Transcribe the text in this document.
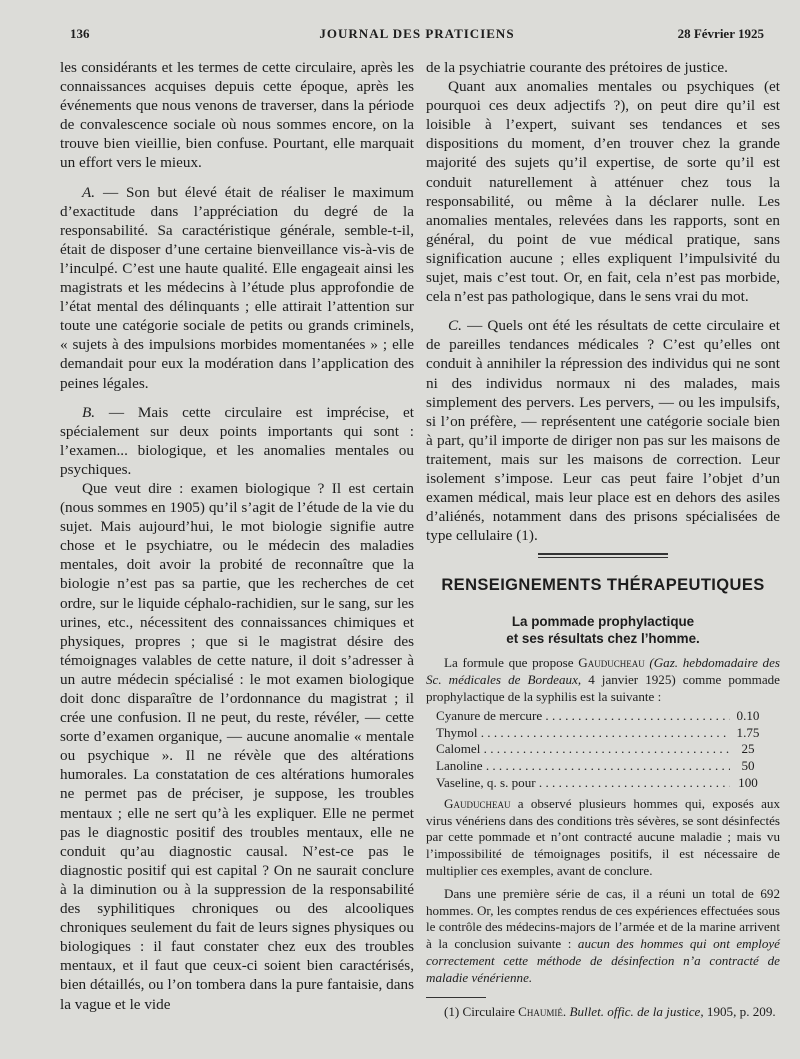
136	JOURNAL DES PRATICIENS	28 Février 1925

les considérants et les termes de cette circulaire, après les connaissances acquises depuis cette époque, après les événements que nous venons de traverser, dans la période de convalescence sociale où nous sommes encore, on la trouve bien vieillie, bien confuse. Pourtant, elle marquait un effort vers le mieux.

A. — Son but élevé était de réaliser le maximum d’exactitude dans l’appréciation du degré de la responsabilité. Sa caractéristique générale, semble-t-il, était de disposer d’une certaine bienveillance vis-à-vis de l’inculpé. C’est une haute qualité. Elle engageait ainsi les magistrats et les médecins à l’étude plus approfondie de l’état mental des délinquants ; elle attirait l’attention sur toute une catégorie sociale de petits ou grands criminels, « sujets à des impulsions morbides momentanées » ; elle demandait pour eux la modération dans l’application des peines légales.

B. — Mais cette circulaire est imprécise, et spécialement sur deux points importants qui sont : l’examen... biologique, et les anomalies mentales ou psychiques.

Que veut dire : examen biologique ? Il est certain (nous sommes en 1905) qu’il s’agit de l’étude de la vie du sujet. Mais aujourd’hui, le mot biologie signifie autre chose et le psychiatre, ou le médecin des maladies mentales, doit avoir la probité de reconnaître que la biologie n’est pas sa partie, que les recherches de cet ordre, sur le liquide céphalo-rachidien, sur le sang, sur les urines, etc., nécessitent des connaissances chimiques et physiques, propres ; que si le magistrat désire des témoignages valables de cette nature, il doit s’adresser à un autre médecin spécialisé : le mot examen biologique doit donc disparaître de l’ordonnance du magistrat ; il crée une confusion. Il ne peut, du reste, révéler, — cette sorte d’examen organique, — aucune anomalie « mentale ou psychique ». Il ne révèle que des altérations humorales. La constatation de ces altérations humorales ne permet pas de préciser, je suppose, les troubles mentaux ; elle ne sert qu’à les expliquer. Elle ne permet pas le diagnostic positif des troubles mentaux, elle ne conduit qu’au diagnostic causal. N’est-ce pas le diagnostic positif qui est capital ? On ne saurait conclure à la diminution ou à la suppression de la responsabilité des syphilitiques chroniques ou des alcooliques chroniques seulement du fait de leurs signes physiques ou biologiques : il faut constater chez eux des troubles mentaux, et il faut que ceux-ci soient bien caractérisés, bien détaillés, ou l’on tombera dans la pure fantaisie, dans la vague et le vide

de la psychiatrie courante des prétoires de justice.

Quant aux anomalies mentales ou psychiques (et pourquoi ces deux adjectifs ?), on peut dire qu’il est loisible à l’expert, suivant ses tendances et ses dispositions du moment, d’en trouver chez la grande majorité des sujets qu’il expertise, de sorte qu’il est conduit naturellement à atténuer chez tous la responsabilité, ou même à la déclarer nulle. Les anomalies mentales, relevées dans les rapports, sont en général, du point de vue médical pratique, sans signification aucune ; elles expliquent l’impulsivité du sujet, mais c’est tout. Or, en fait, cela n’est pas morbide, cela n’est pas pathologique, dans le sens vrai du mot.

C. — Quels ont été les résultats de cette circulaire et de pareilles tendances médicales ? C’est qu’elles ont conduit à annihiler la répression des individus qui ne sont ni des individus normaux ni des malades, mais simplement des pervers. Les pervers, — ou les impulsifs, si l’on préfère, — représentent une catégorie sociale bien à part, qu’il importe de diriger non pas sur les maisons de traitement, mais sur les maisons de correction. Leur isolement s’impose. Leur cas peut faire l’objet d’un examen médical, mais leur place est en dehors des asiles d’aliénés, notamment dans des prisons spécialisées de type cellulaire (1).

RENSEIGNEMENTS THÉRAPEUTIQUES
La pommade prophylactique
et ses résultats chez l’homme.

La formule que propose Gauducheau (Gaz. hebdomadaire des Sc. médicales de Bordeaux, 4 janvier 1925) comme pommade prophylactique de la syphilis est la suivante :

Cyanure de mercure . . .	0.10
Thymol . . .	1.75
Calomel . . .	25
Lanoline . . .	50
Vaseline, q. s. pour . . .	100

Gauducheau a observé plusieurs hommes qui, exposés aux virus vénériens dans des conditions très sévères, se sont désinfectés par cette pommade et n’ont contracté aucune maladie ; mais vu l’impossibilité de témoignages positifs, il est nécessaire de multiplier ces exemples, avant de conclure.

Dans une première série de cas, il a réuni un total de 692 hommes. Or, les comptes rendus de ces expériences effectuées sous le contrôle des médecins-majors de l’armée et de la marine arrivent à la conclusion suivante : aucun des hommes qui ont employé correctement cette méthode de désinfection n’a contracté de maladie vénérienne.

(1) Circulaire Chaumié. Bullet. offic. de la justice, 1905, p. 209.
